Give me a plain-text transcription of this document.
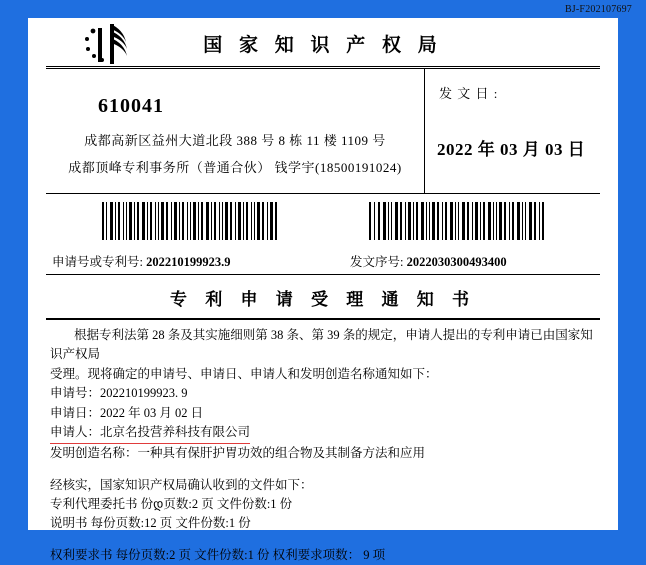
BJ-F202107697
国 家 知 识 产 权 局
610041
成都高新区益州大道北段 388 号 8 栋 11 楼 1109 号
成都顶峰专利事务所（普通合伙） 钱学宇(18500191024)
发 文 日 :
2022 年 03 月 03 日
申请号或专利号: 202210199923.9	发文序号: 2022030300493400
专 利 申 请 受 理 通 知 书

根据专利法第 28 条及其实施细则第 38 条、第 39 条的规定，申请人提出的专利申请已由国家知识产权局

受理。现将确定的申请号、申请日、申请人和发明创造名称通知如下：

申请号：202210199923. 9

申请日：2022 年 03 月 02 日

申请人：北京名投营养科技有限公司

发明创造名称：一种具有保肝护胃功效的组合物及其制备方法和应用

经核实，国家知识产权局确认收到的文件如下：

专利代理委托书 份დ页数:2 页 文件份数:1 份

说明书 每份页数:12 页 文件份数:1 份

权利要求书 每份页数:2 页 文件份数:1 份 权利要求项数： 9 项
